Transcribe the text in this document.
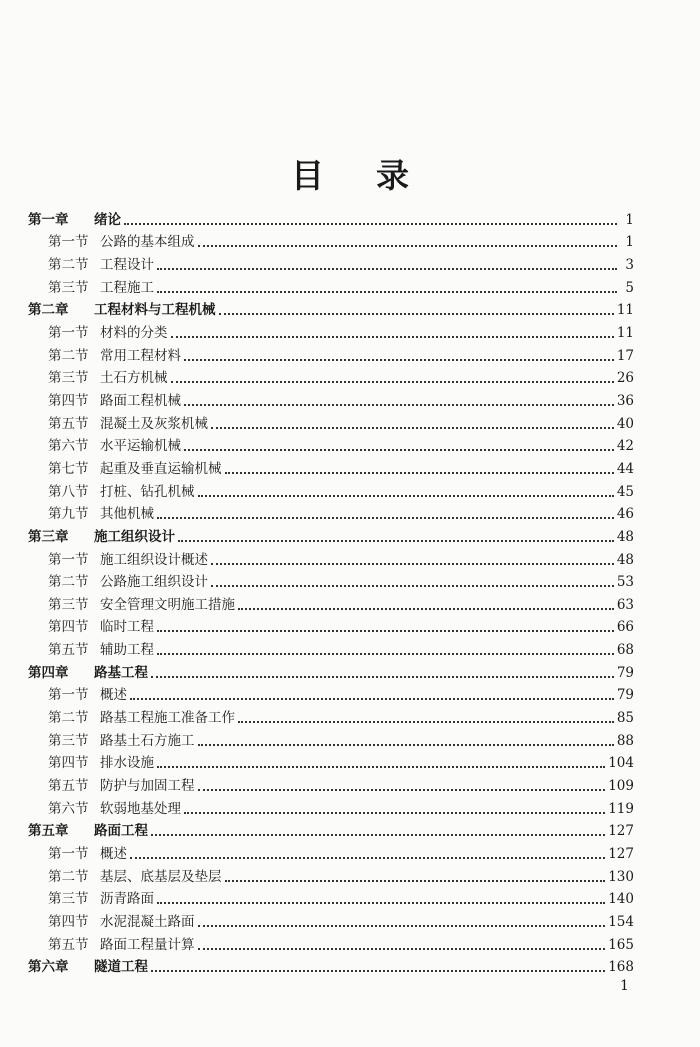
目 录
第一章	绪论	1
第一节 公路的基本组成	1
第二节 工程设计	3
第三节 工程施工	5
第二章	工程材料与工程机械	11
第一节 材料的分类	11
第二节 常用工程材料	17
第三节 土石方机械	26
第四节 路面工程机械	36
第五节 混凝土及灰浆机械	40
第六节 水平运输机械	42
第七节 起重及垂直运输机械	44
第八节 打桩、钻孔机械	45
第九节 其他机械	46
第三章	施工组织设计	48
第一节 施工组织设计概述	48
第二节 公路施工组织设计	53
第三节 安全管理文明施工措施	63
第四节 临时工程	66
第五节 辅助工程	68
第四章	路基工程	79
第一节 概述	79
第二节 路基工程施工准备工作	85
第三节 路基土石方施工	88
第四节 排水设施	104
第五节 防护与加固工程	109
第六节 软弱地基处理	119
第五章	路面工程	127
第一节 概述	127
第二节 基层、底基层及垫层	130
第三节 沥青路面	140
第四节 水泥混凝土路面	154
第五节 路面工程量计算	165
第六章	隧道工程	168
1
